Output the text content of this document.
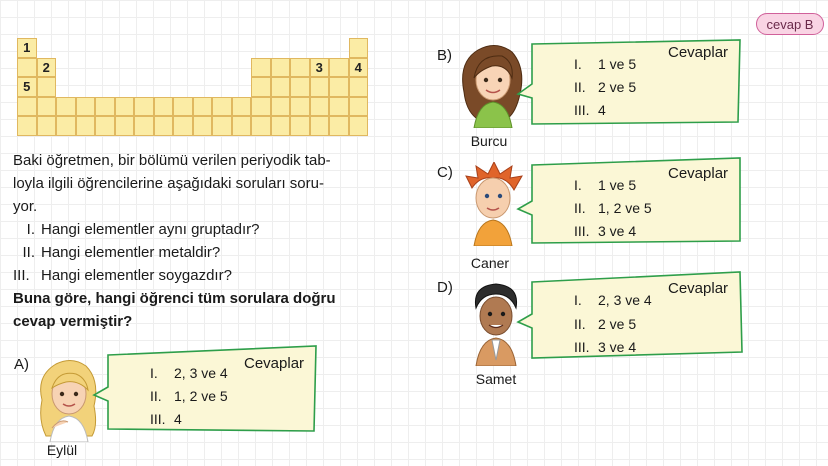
cevap B
1
2	3	4
5

Baki öğretmen, bir bölümü verilen periyodik tab-
loyla ilgili öğrencilerine aşağıdaki soruları soru-
yor.

I. Hangi elementler aynı gruptadır?
II. Hangi elementler metaldir?
III. Hangi elementler soygazdır?

Buna göre, hangi öğrenci tüm sorulara doğru
cevap vermiştir?

A)
Eylül
Cevaplar
I. 2, 3 ve 4
II. 1, 2 ve 5
III. 4
B)
Burcu
Cevaplar
I. 1 ve 5
II. 2 ve 5
III. 4
C)
Caner
Cevaplar
I. 1 ve 5
II. 1, 2 ve 5
III. 3 ve 4
D)
Samet
Cevaplar
I. 2, 3 ve 4
II. 2 ve 5
III. 3 ve 4
